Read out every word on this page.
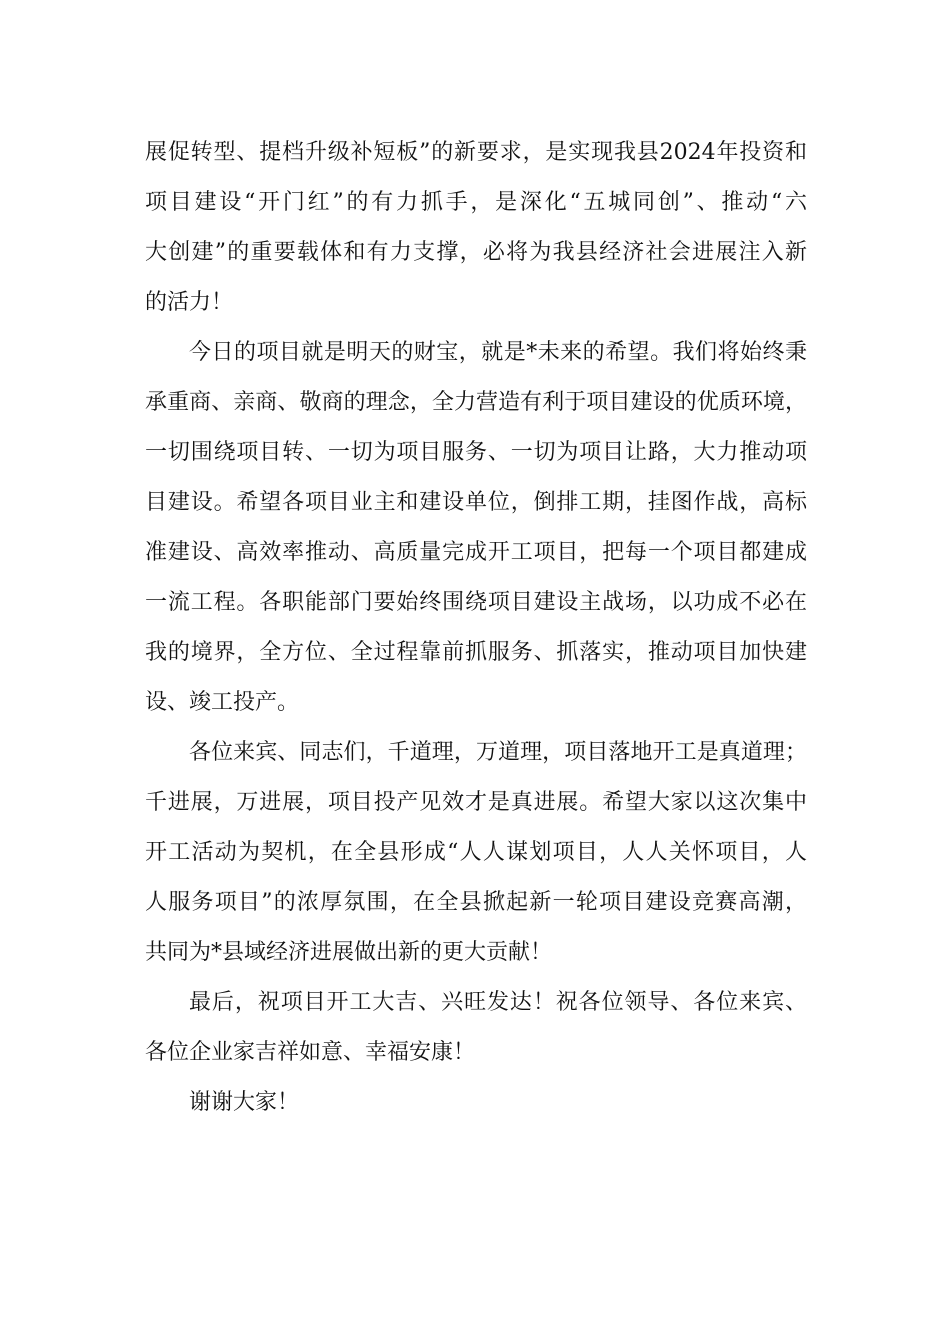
展促转型、提档升级补短板”的新要求，是实现我县2024年投资和
项目建设“开门红”的有力抓手，是深化“五城同创”、推动“六
大创建”的重要载体和有力支撑，必将为我县经济社会进展注入新
的活力！
今日的项目就是明天的财宝，就是*未来的希望。我们将始终秉
承重商、亲商、敬商的理念，全力营造有利于项目建设的优质环境，
一切围绕项目转、一切为项目服务、一切为项目让路，大力推动项
目建设。希望各项目业主和建设单位，倒排工期，挂图作战，高标
准建设、高效率推动、高质量完成开工项目，把每一个项目都建成
一流工程。各职能部门要始终围绕项目建设主战场，以功成不必在
我的境界，全方位、全过程靠前抓服务、抓落实，推动项目加快建
设、竣工投产。
各位来宾、同志们，千道理，万道理，项目落地开工是真道理；
千进展，万进展，项目投产见效才是真进展。希望大家以这次集中
开工活动为契机，在全县形成“人人谋划项目，人人关怀项目，人
人服务项目”的浓厚氛围，在全县掀起新一轮项目建设竞赛高潮，
共同为*县域经济进展做出新的更大贡献！
最后，祝项目开工大吉、兴旺发达！祝各位领导、各位来宾、
各位企业家吉祥如意、幸福安康！
谢谢大家！
